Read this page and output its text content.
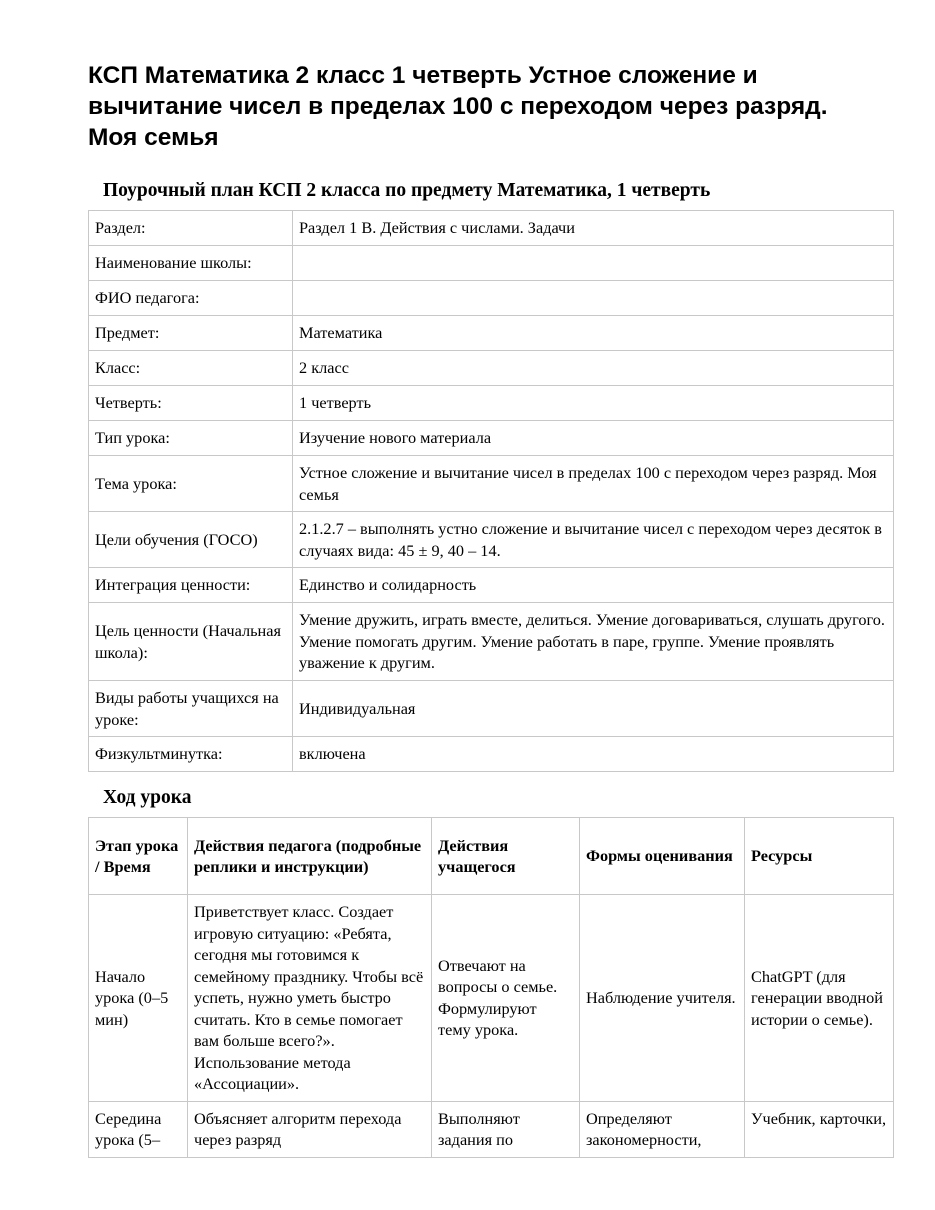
КСП Математика 2 класс 1 четверть Устное сложение и вычитание чисел в пределах 100 с переходом через разряд. Моя семья
Поурочный план КСП 2 класса по предмету Математика, 1 четверть
Раздел:	Раздел 1 В. Действия с числами. Задачи
Наименование школы:	
ФИО педагога:	
Предмет:	Математика
Класс:	2 класс
Четверть:	1 четверть
Тип урока:	Изучение нового материала
Тема урока:	Устное сложение и вычитание чисел в пределах 100 с переходом через разряд. Моя семья
Цели обучения (ГОСО)	2.1.2.7 – выполнять устно сложение и вычитание чисел с переходом через десяток в случаях вида: 45 ± 9, 40 – 14.
Интеграция ценности:	Единство и солидарность
Цель ценности (Начальная школа):	Умение дружить, играть вместе, делиться. Умение договариваться, слушать другого. Умение помогать другим. Умение работать в паре, группе. Умение проявлять уважение к другим.
Виды работы учащихся на уроке:	Индивидуальная
Физкультминутка:	включена
Ход урока
Этап урока / Время	Действия педагога (подробные реплики и инструкции)	Действия учащегося	Формы оценивания	Ресурсы
Начало урока (0–5 мин)	Приветствует класс. Создает игровую ситуацию: «Ребята, сегодня мы готовимся к семейному празднику. Чтобы всё успеть, нужно уметь быстро считать. Кто в семье помогает вам больше всего?». Использование метода «Ассоциации».	Отвечают на вопросы о семье. Формулируют тему урока.	Наблюдение учителя.	ChatGPT (для генерации вводной истории о семье).
Середина урока (5–	Объясняет алгоритм перехода через разряд	Выполняют задания по	Определяют закономерности,	Учебник, карточки,
